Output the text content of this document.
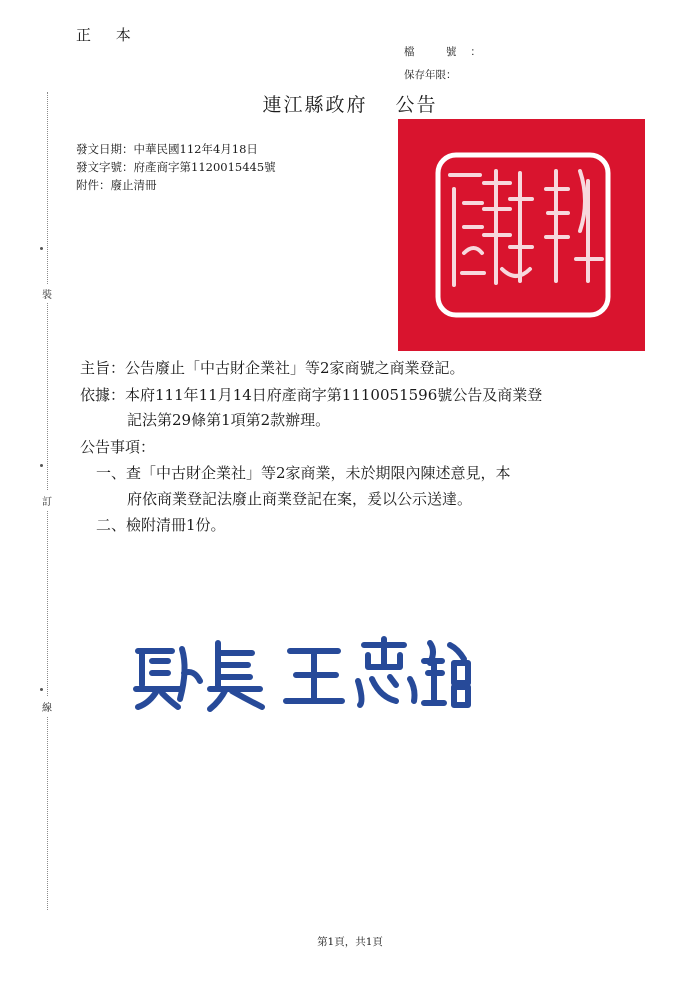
正 本
檔 號：
保存年限：
裝
訂
線
連江縣政府 公告
發文日期：中華民國112年4月18日
發文字號：府產商字第1120015445號
附件：廢止清冊
主旨：公告廢止「中古財企業社」等2家商號之商業登記。
依據：本府111年11月14日府產商字第1110051596號公告及商業登
記法第29條第1項第2款辦理。
公告事項：
一、查「中古財企業社」等2家商業，未於期限內陳述意見，本
府依商業登記法廢止商業登記在案，爰以公示送達。
二、檢附清冊1份。
第1頁，共1頁
